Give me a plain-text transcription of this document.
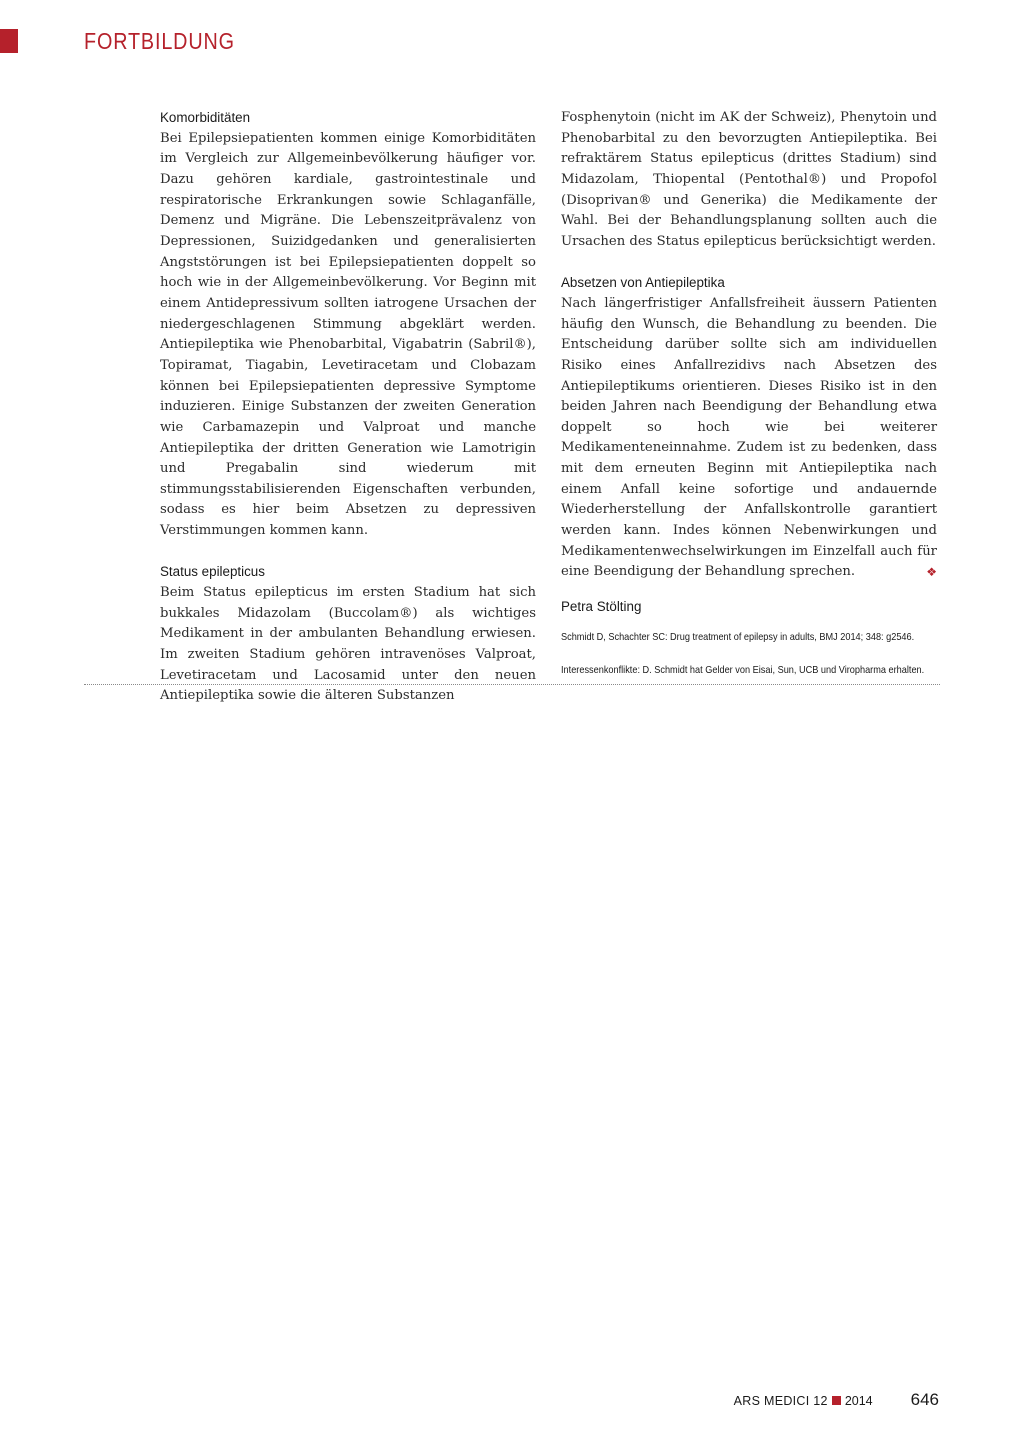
FORTBILDUNG
Komorbiditäten

Bei Epilepsiepatienten kommen einige Komorbiditäten im Vergleich zur Allgemeinbevölkerung häufiger vor. Dazu gehören kardiale, gastrointestinale und respiratorische Erkrankungen sowie Schlaganfälle, Demenz und Migräne. Die Lebenszeitprävalenz von Depressionen, Suizidgedanken und generalisierten Angststörungen ist bei Epilepsiepatienten doppelt so hoch wie in der Allgemeinbevölkerung. Vor Beginn mit einem Antidepressivum sollten iatrogene Ursachen der niedergeschlagenen Stimmung abgeklärt werden. Antiepileptika wie Phenobarbital, Vigabatrin (Sabril®), Topiramat, Tiagabin, Levetiracetam und Clobazam können bei Epilepsiepatienten depressive Symptome induzieren. Einige Substanzen der zweiten Generation wie Carbamazepin und Valproat und manche Antiepileptika der dritten Generation wie Lamotrigin und Pregabalin sind wiederum mit stimmungsstabilisierenden Eigenschaften verbunden, sodass es hier beim Absetzen zu depressiven Verstimmungen kommen kann.

Status epilepticus

Beim Status epilepticus im ersten Stadium hat sich bukkales Midazolam (Buccolam®) als wichtiges Medikament in der ambulanten Behandlung erwiesen. Im zweiten Stadium gehören intravenöses Valproat, Levetiracetam und Lacosamid unter den neuen Antiepileptika sowie die älteren Substanzen

Fosphenytoin (nicht im AK der Schweiz), Phenytoin und Phenobarbital zu den bevorzugten Antiepileptika. Bei refraktärem Status epilepticus (drittes Stadium) sind Midazolam, Thiopental (Pentothal®) und Propofol (Disoprivan® und Generika) die Medikamente der Wahl. Bei der Behandlungsplanung sollten auch die Ursachen des Status epilepticus berücksichtigt werden.

Absetzen von Antiepileptika

Nach längerfristiger Anfallsfreiheit äussern Patienten häufig den Wunsch, die Behandlung zu beenden. Die Entscheidung darüber sollte sich am individuellen Risiko eines Anfallrezidivs nach Absetzen des Antiepileptikums orientieren. Dieses Risiko ist in den beiden Jahren nach Beendigung der Behandlung etwa doppelt so hoch wie bei weiterer Medikamenteneinnahme. Zudem ist zu bedenken, dass mit dem erneuten Beginn mit Antiepileptika nach einem Anfall keine sofortige und andauernde Wiederherstellung der Anfallskontrolle garantiert werden kann. Indes können Nebenwirkungen und Medikamentenwechselwirkungen im Einzelfall auch für eine Beendigung der Behandlung sprechen.	❖

Petra Stölting
Schmidt D, Schachter SC: Drug treatment of epilepsy in adults, BMJ 2014; 348: g2546.
Interessenkonflikte: D. Schmidt hat Gelder von Eisai, Sun, UCB und Viropharma erhalten.
ARS MEDICI 12 2014 646
